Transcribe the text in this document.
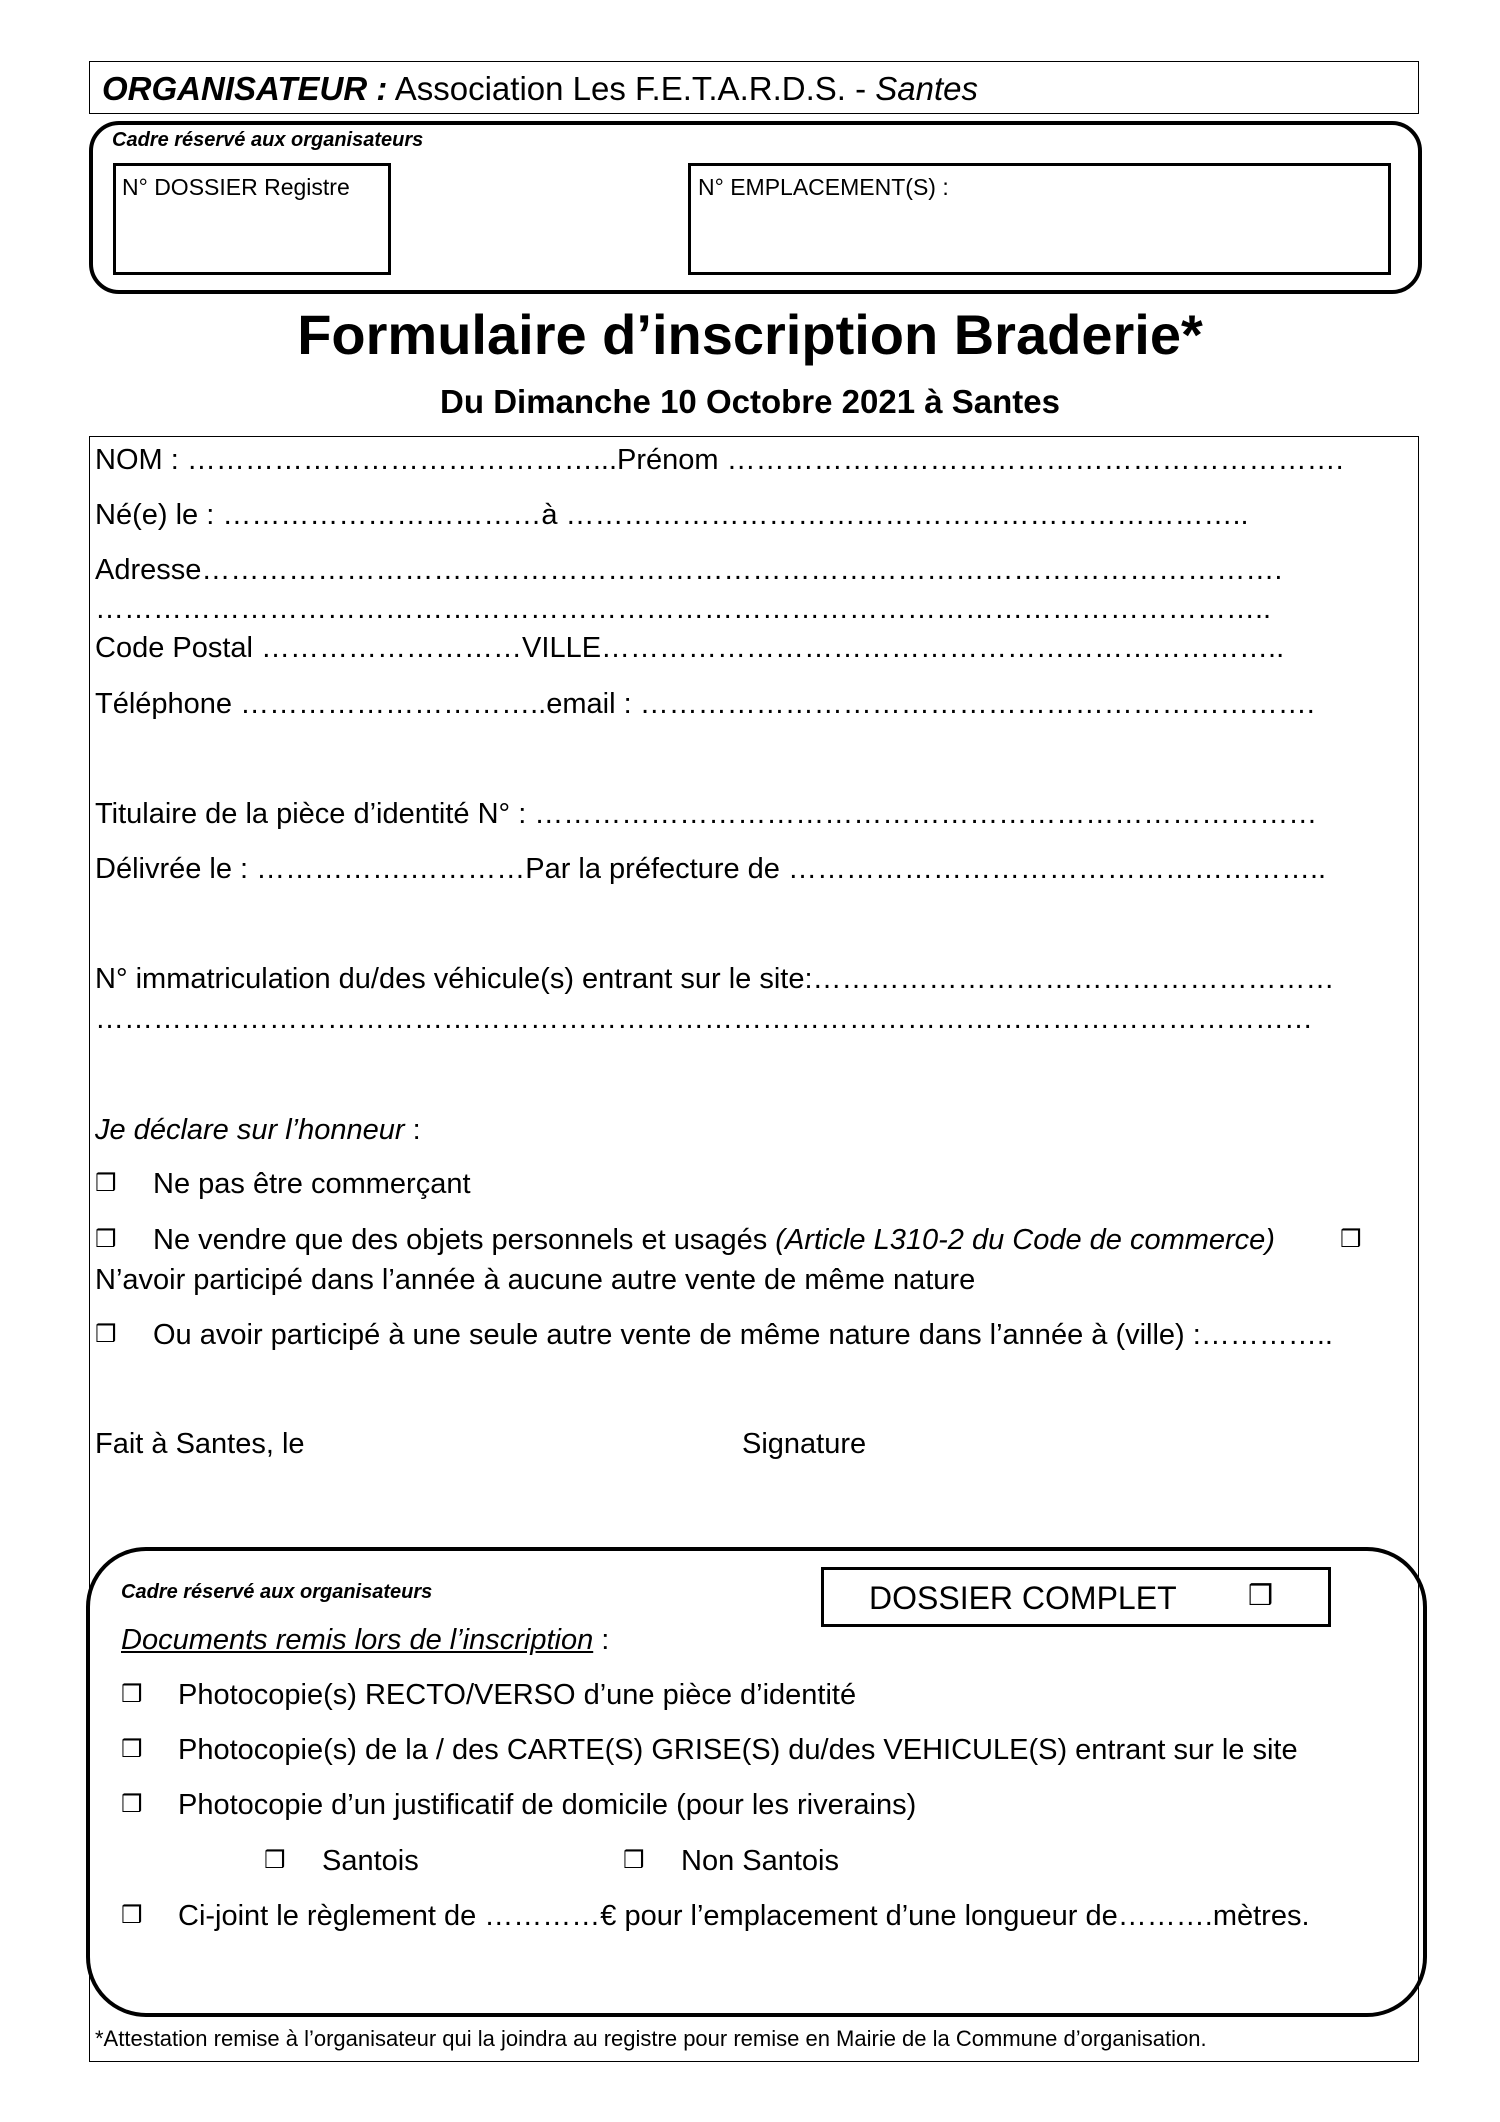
ORGANISATEUR : Association Les F.E.T.A.R.D.S. - Santes
Cadre réservé aux organisateurs
N° DOSSIER Registre	N° EMPLACEMENT(S) :
Formulaire d’inscription Braderie*
Du Dimanche 10 Octobre 2021 à Santes
NOM : ……………………………………...Prénom ……………………………………………………….
Né(e) le : ……………………………à ……………………………………………………………..
Adresse………………………………………………………………………………………………….
…………………………………………………………………………………………………………..
Code Postal ………………………VILLE……………………………………………………………..
Téléphone …………………………..email : …………………………………………………………….
Titulaire de la pièce d’identité N° : ………………………………………………………………………
Délivrée le : …………….…………Par la préfecture de ………………………………………………..
N° immatriculation du/des véhicule(s) entrant sur le site:………………………………………………
………………………………………………………………………………………………………………
Je déclare sur l’honneur :
❒ Ne pas être commerçant
❒ Ne vendre que des objets personnels et usagés (Article L310-2 du Code de commerce)	❒
N’avoir participé dans l’année à aucune autre vente de même nature
❒ Ou avoir participé à une seule autre vente de même nature dans l’année à (ville) :…………..
Fait à Santes, le	Signature
Cadre réservé aux organisateurs	DOSSIER COMPLET	❒
Documents remis lors de l’inscription :
❒ Photocopie(s) RECTO/VERSO d’une pièce d’identité
❒ Photocopie(s) de la / des CARTE(S) GRISE(S) du/des VEHICULE(S) entrant sur le site
❒ Photocopie d’un justificatif de domicile (pour les riverains)
❒ Santois	❒ Non Santois
❒ Ci-joint le règlement de …………€ pour l’emplacement d’une longueur de……….mètres.
*Attestation remise à l’organisateur qui la joindra au registre pour remise en Mairie de la Commune d’organisation.
